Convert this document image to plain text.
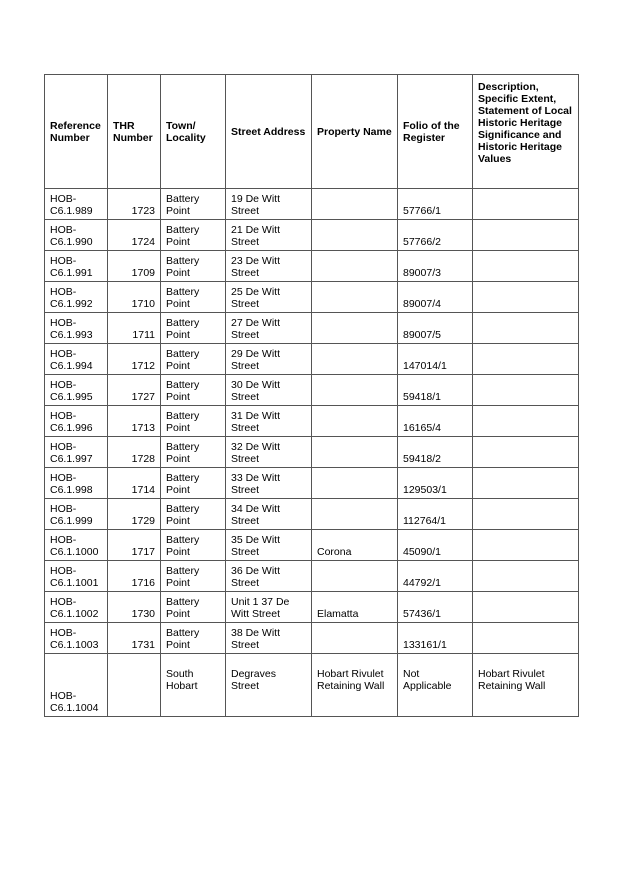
Reference Number	THR Number	Town/ Locality	Street Address	Property Name	Folio of the Register	Description, Specific Extent, Statement of Local Historic Heritage Significance and Historic Heritage Values
HOB-C6.1.989	1723	Battery Point	19 De Witt Street		57766/1	
HOB-C6.1.990	1724	Battery Point	21 De Witt Street		57766/2	
HOB-C6.1.991	1709	Battery Point	23 De Witt Street		89007/3	
HOB-C6.1.992	1710	Battery Point	25 De Witt Street		89007/4	
HOB-C6.1.993	1711	Battery Point	27 De Witt Street		89007/5	
HOB-C6.1.994	1712	Battery Point	29 De Witt Street		147014/1	
HOB-C6.1.995	1727	Battery Point	30 De Witt Street		59418/1	
HOB-C6.1.996	1713	Battery Point	31 De Witt Street		16165/4	
HOB-C6.1.997	1728	Battery Point	32 De Witt Street		59418/2	
HOB-C6.1.998	1714	Battery Point	33 De Witt Street		129503/1	
HOB-C6.1.999	1729	Battery Point	34 De Witt Street		112764/1	
HOB-C6.1.1000	1717	Battery Point	35 De Witt Street	Corona	45090/1	
HOB-C6.1.1001	1716	Battery Point	36 De Witt Street		44792/1	
HOB-C6.1.1002	1730	Battery Point	Unit 1 37 De Witt Street	Elamatta	57436/1	
HOB-C6.1.1003	1731	Battery Point	38 De Witt Street		133161/1	
HOB-C6.1.1004		South Hobart	Degraves Street	Hobart Rivulet Retaining Wall	Not Applicable	Hobart Rivulet Retaining Wall
